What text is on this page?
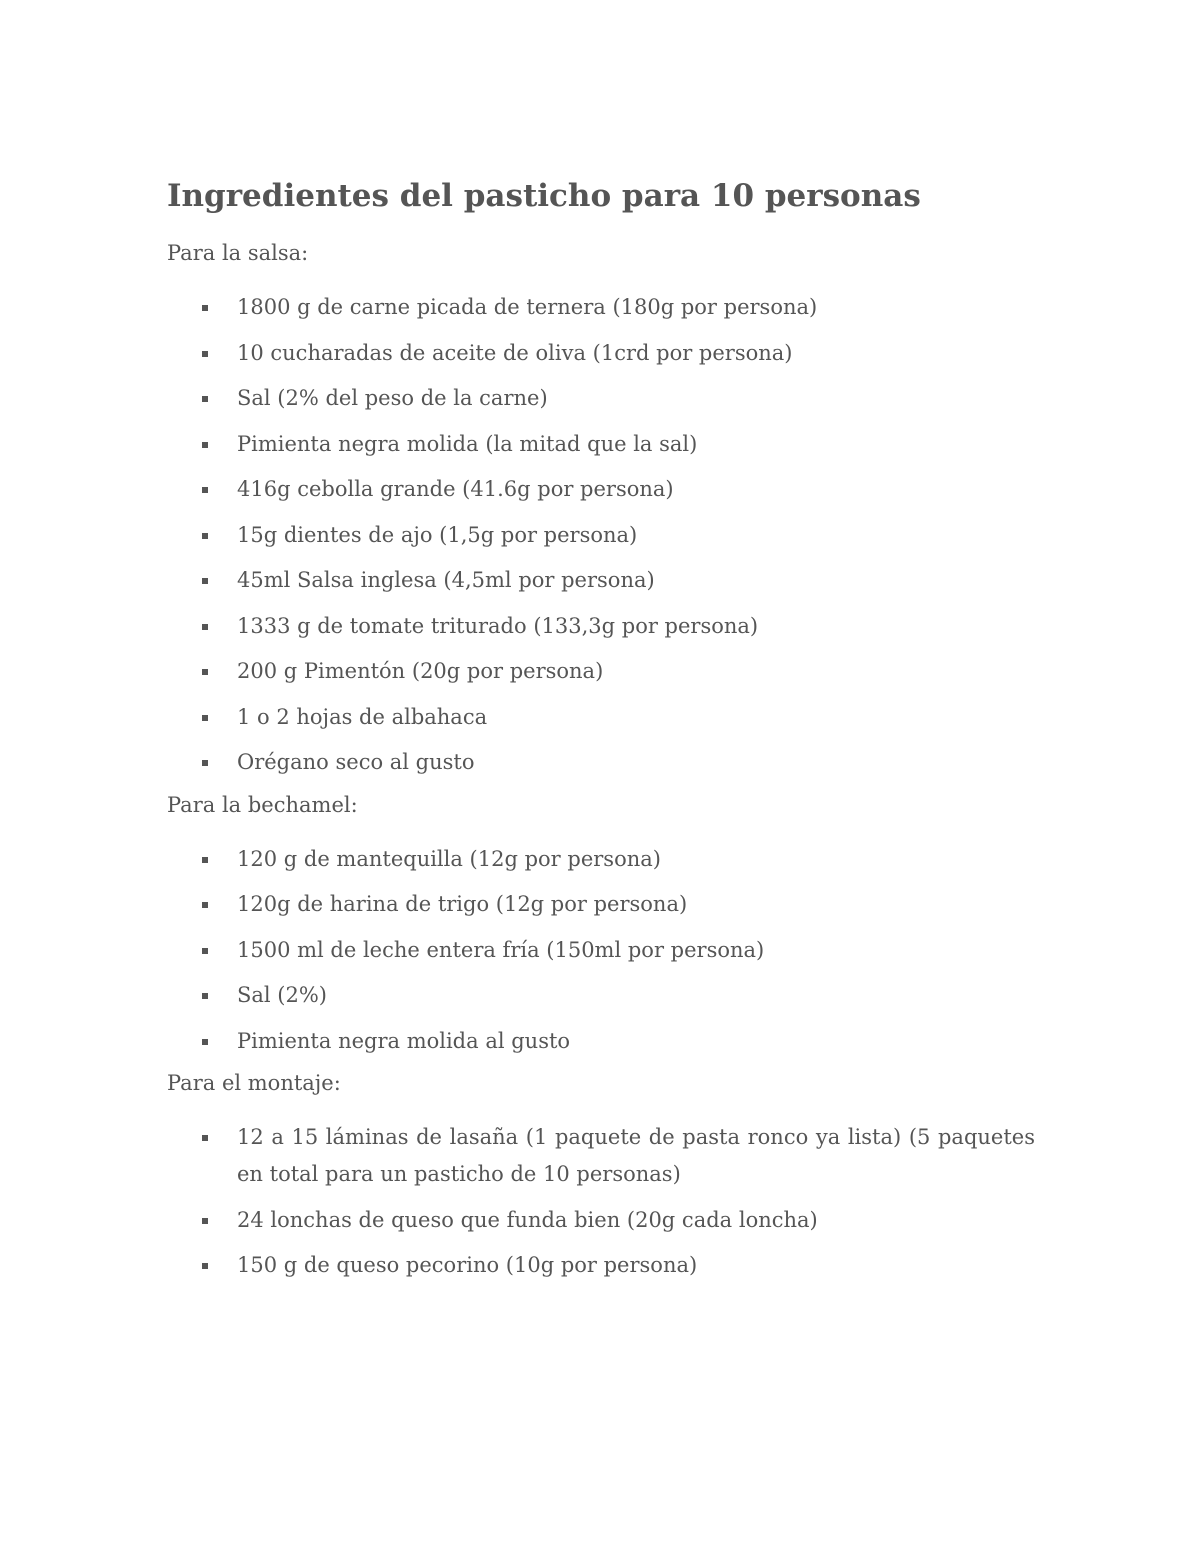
Ingredientes del pasticho para 10 personas

Para la salsa:

1800 g de carne picada de ternera (180g por persona)
10 cucharadas de aceite de oliva (1crd por persona)
Sal (2% del peso de la carne)
Pimienta negra molida (la mitad que la sal)
416g cebolla grande (41.6g por persona)
15g dientes de ajo (1,5g por persona)
45ml Salsa inglesa (4,5ml por persona)
1333 g de tomate triturado (133,3g por persona)
200 g Pimentón (20g por persona)
1 o 2 hojas de albahaca
Orégano seco al gusto

Para la bechamel:

120 g de mantequilla (12g por persona)
120g de harina de trigo (12g por persona)
1500 ml de leche entera fría (150ml por persona)
Sal (2%)
Pimienta negra molida al gusto

Para el montaje:

12 a 15 láminas de lasaña (1 paquete de pasta ronco ya lista) (5 paquetes en total para un pasticho de 10 personas)
24 lonchas de queso que funda bien (20g cada loncha)
150 g de queso pecorino (10g por persona)
